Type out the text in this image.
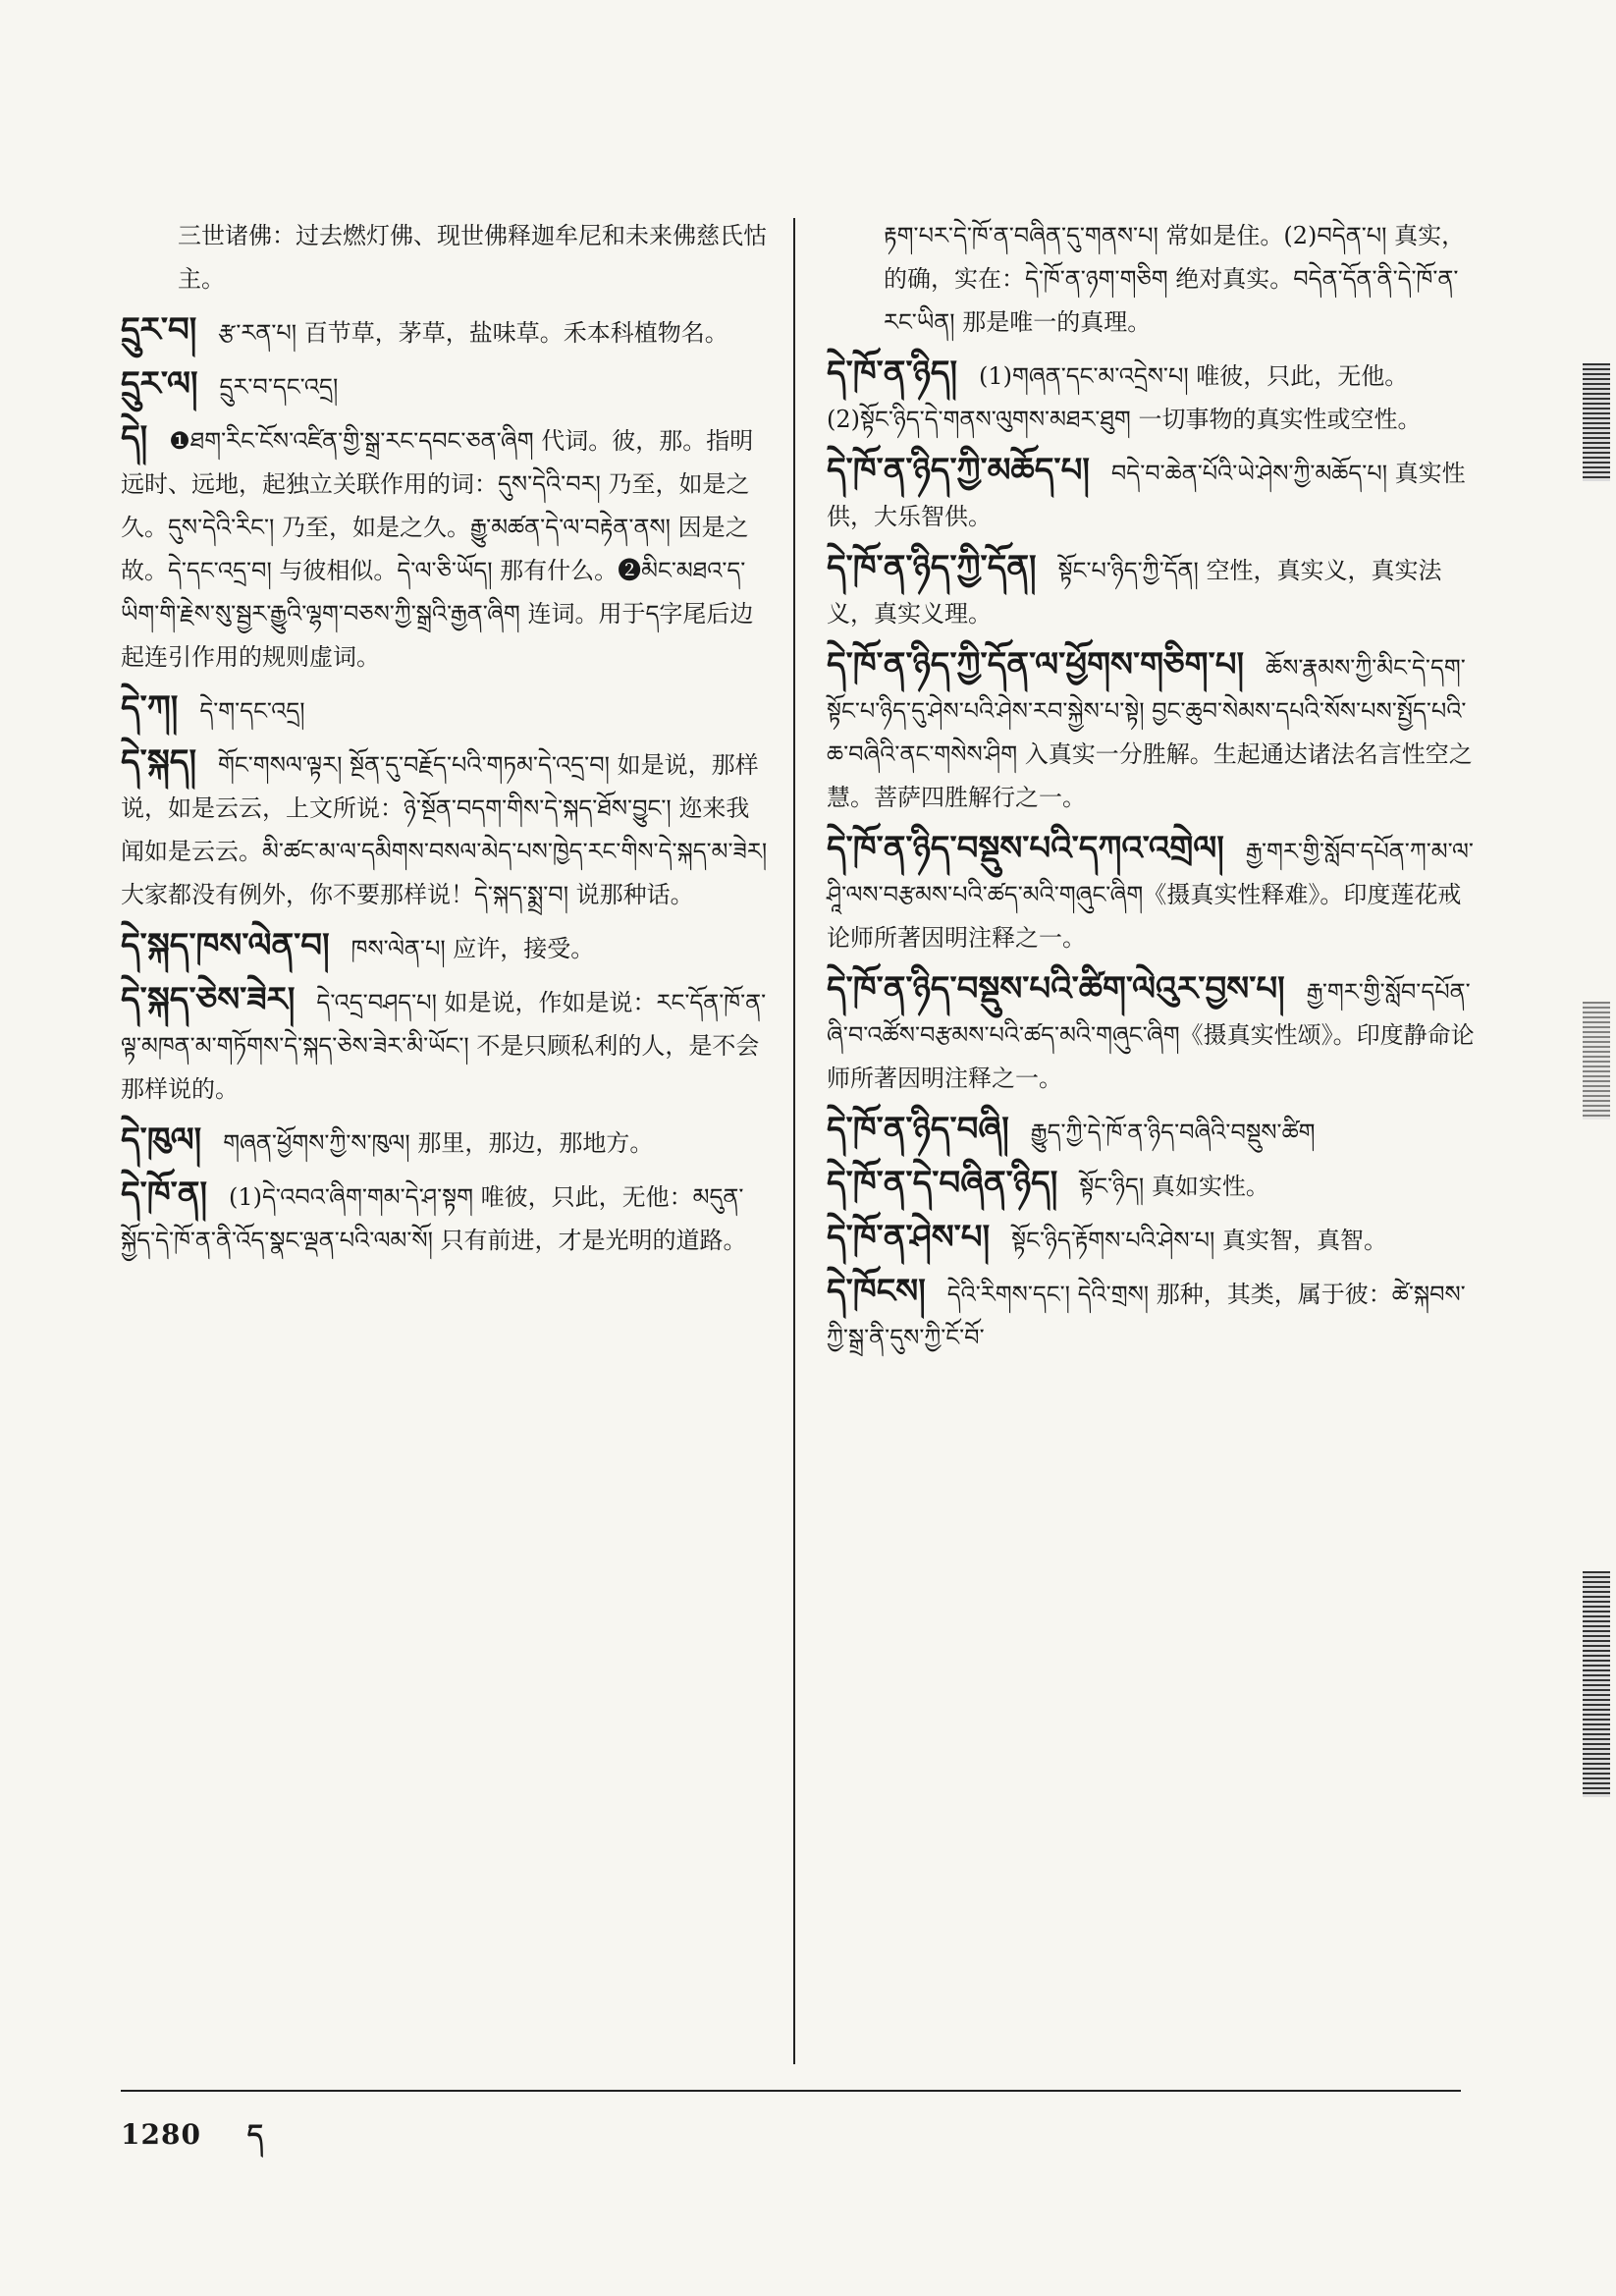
三世诸佛：过去燃灯佛、现世佛释迦牟尼和未来佛慈氏怙主。
དྲུར་བ། རྩ་རན་པ། 百节草，茅草，盐味草。禾本科植物名。
དྲུར་ལ། དྲུར་བ་དང་འདྲ།
དེ། ❶ཐག་རིང་ངོས་འཛིན་གྱི་སྒྲ་རང་དབང་ཅན་ཞིག 代词。彼，那。指明远时、远地，起独立关联作用的词：དུས་དེའི་བར། 乃至，如是之久。དུས་དེའི་རིང་། 乃至，如是之久。རྒྱུ་མཚན་དེ་ལ་བརྟེན་ནས། 因是之故。དེ་དང་འདྲ་བ། 与彼相似。དེ་ལ་ཅི་ཡོད། 那有什么。❷མིང་མཐའ་ད་ཡིག་གི་རྗེས་སུ་སྦྱར་རྒྱུའི་ལྷག་བཅས་ཀྱི་སྒྲའི་རྒྱན་ཞིག 连词。用于ད字尾后边起连引作用的规则虚词。
དེ་ཀ། དེ་ག་དང་འདྲ།
དེ་སྐད། གོང་གསལ་ལྟར། སྔོན་དུ་བརྗོད་པའི་གཏམ་དེ་འདྲ་བ། 如是说，那样说，如是云云，上文所说：ཉེ་སྔོན་བདག་གིས་དེ་སྐད་ཐོས་བྱུང་། 迩来我闻如是云云。མི་ཚང་མ་ལ་དམིགས་བསལ་མེད་པས་ཁྱེད་རང་གིས་དེ་སྐད་མ་ཟེར། 大家都没有例外，你不要那样说！དེ་སྐད་སྨྲ་བ། 说那种话。
དེ་སྐད་ཁས་ལེན་བ། ཁས་ལེན་པ། 应许，接受。
དེ་སྐད་ཅེས་ཟེར། དེ་འདྲ་བཤད་པ། 如是说，作如是说：རང་དོན་ཁོ་ན་ལྟ་མཁན་མ་གཏོགས་དེ་སྐད་ཅེས་ཟེར་མི་ཡོང་། 不是只顾私利的人，是不会那样说的。
དེ་ཁུལ། གཞན་ཕྱོགས་ཀྱི་ས་ཁུལ། 那里，那边，那地方。
དེ་ཁོ་ན། (1)དེ་འབའ་ཞིག་གམ་དེ་ཤ་སྟག 唯彼，只此，无他：མདུན་སྐྱོད་དེ་ཁོ་ན་ནི་འོད་སྣང་ལྡན་པའི་ལམ་སོ། 只有前进，才是光明的道路。
རྟག་པར་དེ་ཁོ་ན་བཞིན་དུ་གནས་པ། 常如是住。(2)བདེན་པ། 真实，的确，实在：དེ་ཁོ་ན་ཉག་གཅིག 绝对真实。བདེན་དོན་ནི་དེ་ཁོ་ན་རང་ཡིན། 那是唯一的真理。
དེ་ཁོ་ན་ཉིད། (1)གཞན་དང་མ་འདྲེས་པ། 唯彼，只此，无他。(2)སྟོང་ཉིད་དེ་གནས་ལུགས་མཐར་ཐུག 一切事物的真实性或空性。
དེ་ཁོ་ན་ཉིད་ཀྱི་མཆོད་པ། བདེ་བ་ཆེན་པོའི་ཡེ་ཤེས་ཀྱི་མཆོད་པ། 真实性供，大乐智供。
དེ་ཁོ་ན་ཉིད་ཀྱི་དོན། སྟོང་པ་ཉིད་ཀྱི་དོན། 空性，真实义，真实法义，真实义理。
དེ་ཁོ་ན་ཉིད་ཀྱི་དོན་ལ་ཕྱོགས་གཅིག་པ། ཆོས་རྣམས་ཀྱི་མིང་དེ་དག་སྟོང་པ་ཉིད་དུ་ཤེས་པའི་ཤེས་རབ་སྐྱེས་པ་སྟེ། བྱང་ཆུབ་སེམས་དཔའི་སོས་པས་སྤྱོད་པའི་ཆ་བཞིའི་ནང་གསེས་ཤིག 入真实一分胜解。生起通达诸法名言性空之慧。菩萨四胜解行之一。
དེ་ཁོ་ན་ཉིད་བསྡུས་པའི་དཀའ་འགྲེལ། རྒྱ་གར་གྱི་སློབ་དཔོན་ཀ་མ་ལ་ཤཱི་ལས་བརྩམས་པའི་ཚད་མའི་གཞུང་ཞིག《摄真实性释难》。印度莲花戒论师所著因明注释之一。
དེ་ཁོ་ན་ཉིད་བསྡུས་པའི་ཚིག་ལེའུར་བྱས་པ། རྒྱ་གར་གྱི་སློབ་དཔོན་ཞི་བ་འཚོས་བརྩམས་པའི་ཚད་མའི་གཞུང་ཞིག《摄真实性颂》。印度静命论师所著因明注释之一。
དེ་ཁོ་ན་ཉིད་བཞི། རྒྱུད་ཀྱི་དེ་ཁོ་ན་ཉིད་བཞིའི་བསྡུས་ཚིག
དེ་ཁོ་ན་དེ་བཞིན་ཉིད། སྟོང་ཉིད། 真如实性。
དེ་ཁོ་ན་ཤེས་པ། སྟོང་ཉིད་རྟོགས་པའི་ཤེས་པ། 真实智，真智。
དེ་ཁོངས། དེའི་རིགས་དང་། དེའི་གྲས། 那种，其类，属于彼：ཚེ་སྐབས་ཀྱི་སྒྲ་ནི་དུས་ཀྱི་ངོ་བོ་
1280 ད
